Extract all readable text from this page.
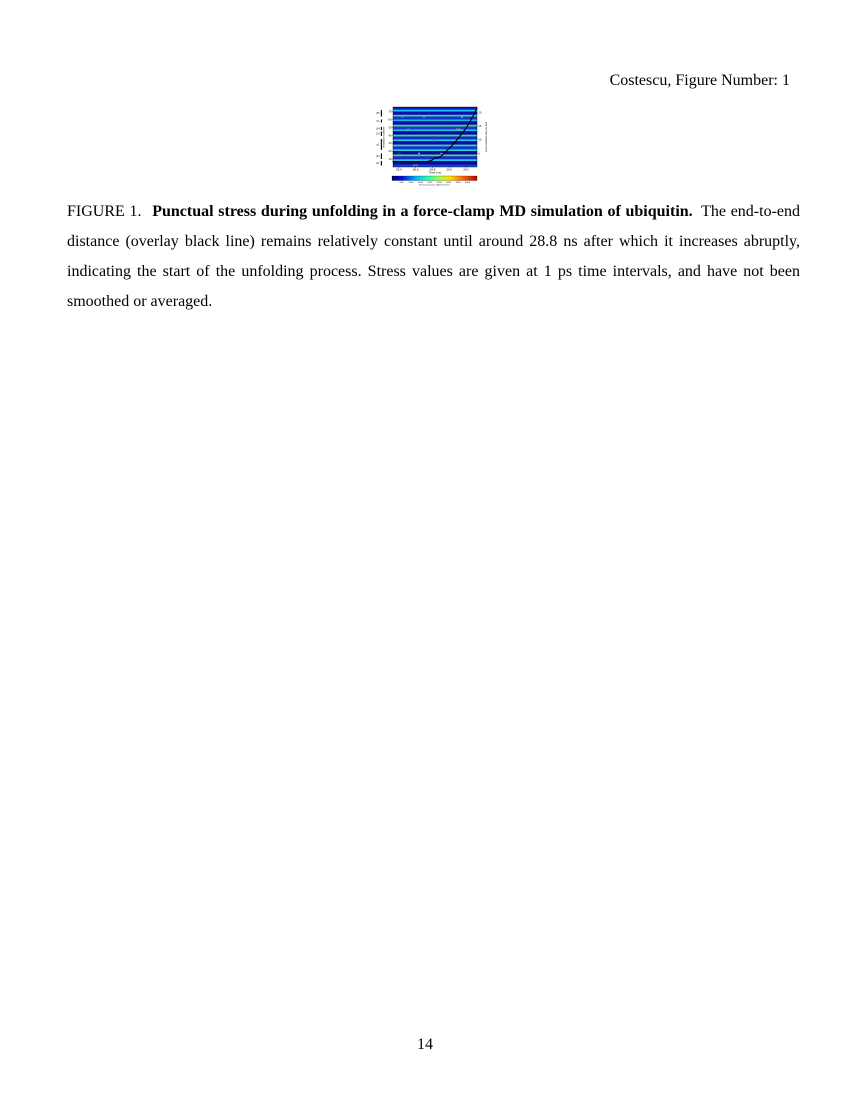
Costescu, Figure Number: 1
28.4	28.6	28.8	29.0	29.2
Time (ns)
70
60
50
40
30
20
10
Residue number
β5
3₁₀
β4
β3
α1
β2
β1
20
15
10
5
End-to-end distance (nm)
500	1000	1500	2000	2500	3000	3500	4000
Punctual stress (kJ/(mol nm))

FIGURE 1. Punctual stress during unfolding in a force-clamp MD simulation of ubiquitin. The end-to-end distance (overlay black line) remains relatively constant until around 28.8 ns after which it increases abruptly, indicating the start of the unfolding process. Stress values are given at 1 ps time intervals, and have not been smoothed or averaged.

14
